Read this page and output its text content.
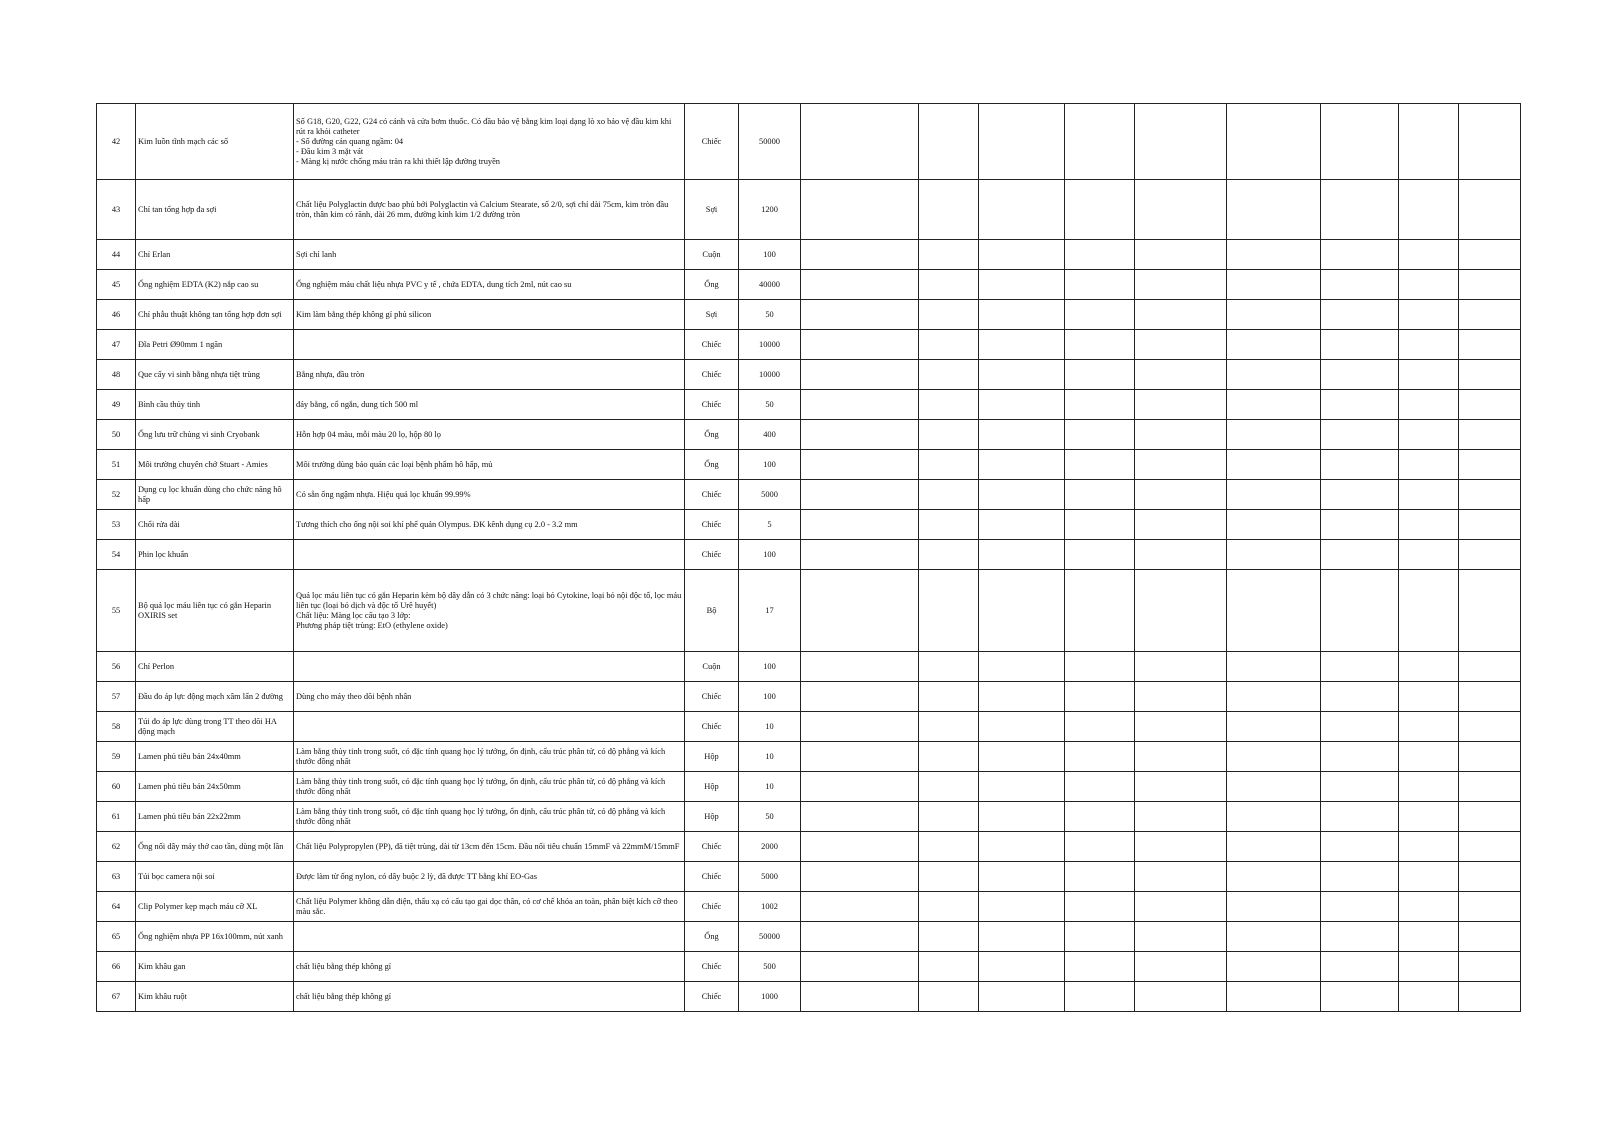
42	Kim luồn tĩnh mạch các số	Số G18, G20, G22, G24 có cánh và cửa bơm thuốc. Có đầu bảo vệ bằng kim loại dạng lò xo bảo vệ đầu kim khi rút ra khỏi catheter
- Số đường cản quang ngầm: 04
- Đầu kim 3 mặt vát
- Màng kị nước chống máu tràn ra khi thiết lập đường truyền	Chiếc	50000									

43	Chỉ tan tổng hợp đa sợi	Chất liệu Polyglactin được bao phủ bởi Polyglactin và Calcium Stearate, số 2/0, sợi chỉ dài 75cm, kim tròn đầu tròn, thân kim có rãnh, dài 26 mm, đường kính kim 1/2 đường tròn	Sợi	1200									

44	Chỉ Erlan	Sợi chỉ lanh	Cuộn	100									

45	Ống nghiệm EDTA (K2) nắp cao su	Ống nghiệm máu chất liệu nhựa PVC y tế , chứa EDTA, dung tích 2ml, nút cao su	Ống	40000									

46	Chỉ phẫu thuật không tan tổng hợp đơn sợi	Kim làm bằng thép không gỉ phủ silicon	Sợi	50									

47	Đĩa Petri Ø90mm 1 ngăn		Chiếc	10000									

48	Que cấy vi sinh bằng nhựa tiệt trùng	Bằng nhựa, đầu tròn	Chiếc	10000									

49	Bình cầu thủy tinh	đáy bằng, cổ ngắn, dung tích 500 ml	Chiếc	50									

50	Ống lưu trữ chủng vi sinh Cryobank	Hỗn hợp 04 màu, mỗi màu 20 lọ, hộp 80 lọ	Ống	400									

51	Môi trường chuyên chở Stuart - Amies	Môi trường dùng bảo quản các loại bệnh phẩm hô hấp, mủ	Ống	100									

52	Dụng cụ lọc khuẩn dùng cho chức năng hô hấp	Có sẵn ống ngậm nhựa. Hiệu quả lọc khuẩn 99.99%	Chiếc	5000									

53	Chổi rửa dài	Tương thích cho ống nội soi khí phế quản Olympus. ĐK kênh dụng cụ 2.0 - 3.2 mm	Chiếc	5									

54	Phin lọc khuẩn		Chiếc	100									

55	Bộ quả lọc máu liên tục có gắn Heparin OXIRIS set	Quả lọc máu liên tục có gắn Heparin kèm bộ dây dẫn có 3 chức năng: loại bỏ Cytokine, loại bỏ nội độc tố, lọc máu liên tục (loại bỏ dịch và độc tố Urê huyết)
Chất liệu: Màng lọc cấu tạo 3 lớp:
Phương pháp tiệt trùng: EtO (ethylene oxide)	Bộ	17									

56	Chỉ Perlon		Cuộn	100									

57	Đầu đo áp lực động mạch xâm lấn 2 đường	Dùng cho máy theo dõi bệnh nhân	Chiếc	100									

58	Túi đo áp lực dùng trong TT theo dõi HA động mạch		Chiếc	10									

59	Lamen phủ tiêu bản 24x40mm	Làm bằng thủy tinh trong suốt, có đặc tính quang học lý tưởng, ổn định, cấu trúc phân tử, có độ phẳng và kích thước đồng nhất	Hộp	10									

60	Lamen phủ tiêu bản 24x50mm	Làm bằng thủy tinh trong suốt, có đặc tính quang học lý tưởng, ổn định, cấu trúc phân tử, có độ phẳng và kích thước đồng nhất	Hộp	10									

61	Lamen phủ tiêu bản 22x22mm	Làm bằng thủy tinh trong suốt, có đặc tính quang học lý tưởng, ổn định, cấu trúc phân tử, có độ phẳng và kích thước đồng nhất	Hộp	50									

62	Ống nối dây máy thở cao tần, dùng một lần	Chất liệu Polypropylen (PP), đã tiệt trùng, dài từ 13cm đến 15cm. Đầu nối tiêu chuẩn 15mmF và 22mmM/15mmF	Chiếc	2000									

63	Túi bọc camera nội soi	Được làm từ ống nylon, có dây buộc 2 lỳ, đã được TT bằng khí EO-Gas	Chiếc	5000									

64	Clip Polymer kẹp mạch máu cỡ XL	Chất liệu Polymer không dẫn điện, thấu xạ có cấu tạo gai dọc thân, có cơ chế khóa an toàn, phân biệt kích cỡ theo màu sắc.	Chiếc	1002									

65	Ống nghiệm nhựa PP 16x100mm, nút xanh		Ống	50000									

66	Kim khâu gan	chất liệu bằng thép không gỉ	Chiếc	500									

67	Kim khâu ruột	chất liệu bằng thép không gỉ	Chiếc	1000									
